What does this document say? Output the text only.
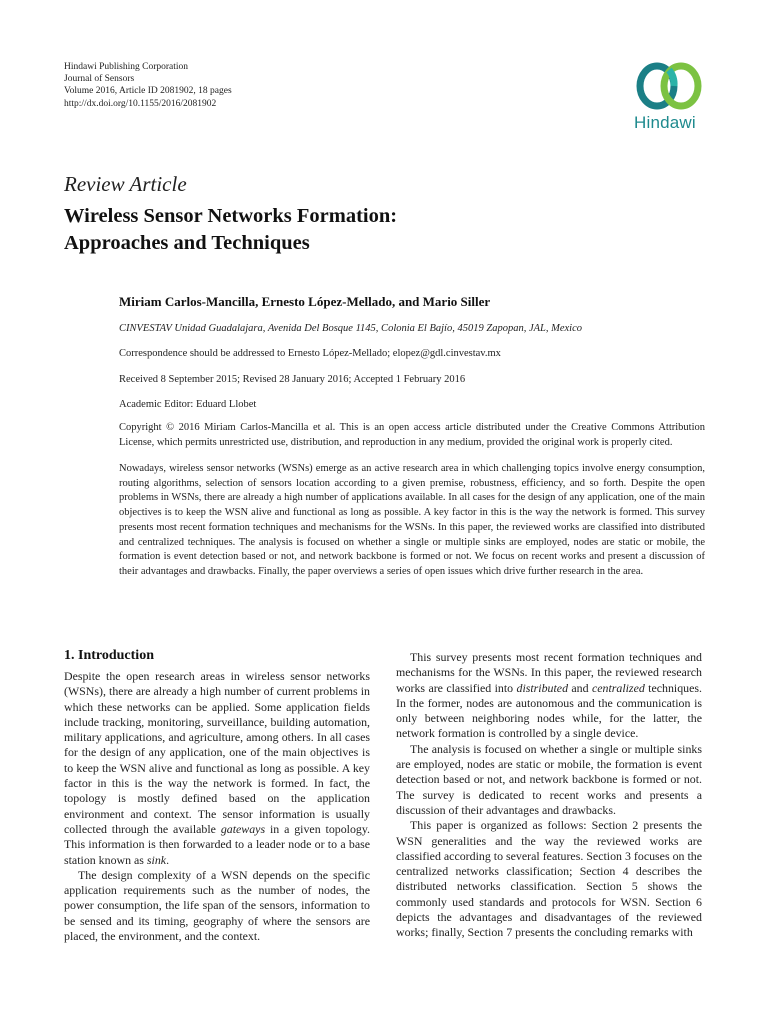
Hindawi Publishing Corporation
Journal of Sensors
Volume 2016, Article ID 2081902, 18 pages
http://dx.doi.org/10.1155/2016/2081902
Hindawi
Review Article
Wireless Sensor Networks Formation:
Approaches and Techniques
Miriam Carlos-Mancilla, Ernesto López-Mellado, and Mario Siller
CINVESTAV Unidad Guadalajara, Avenida Del Bosque 1145, Colonia El Bajío, 45019 Zapopan, JAL, Mexico
Correspondence should be addressed to Ernesto López-Mellado; elopez@gdl.cinvestav.mx
Received 8 September 2015; Revised 28 January 2016; Accepted 1 February 2016
Academic Editor: Eduard Llobet
Copyright © 2016 Miriam Carlos-Mancilla et al. This is an open access article distributed under the Creative Commons Attribution License, which permits unrestricted use, distribution, and reproduction in any medium, provided the original work is properly cited.
Nowadays, wireless sensor networks (WSNs) emerge as an active research area in which challenging topics involve energy consumption, routing algorithms, selection of sensors location according to a given premise, robustness, efficiency, and so forth. Despite the open problems in WSNs, there are already a high number of applications available. In all cases for the design of any application, one of the main objectives is to keep the WSN alive and functional as long as possible. A key factor in this is the way the network is formed. This survey presents most recent formation techniques and mechanisms for the WSNs. In this paper, the reviewed works are classified into distributed and centralized techniques. The analysis is focused on whether a single or multiple sinks are employed, nodes are static or mobile, the formation is event detection based or not, and network backbone is formed or not. We focus on recent works and present a discussion of their advantages and drawbacks. Finally, the paper overviews a series of open issues which drive further research in the area.
1. Introduction

Despite the open research areas in wireless sensor networks (WSNs), there are already a high number of current problems in which these networks can be applied. Some application fields include tracking, monitoring, surveillance, building automation, military applications, and agriculture, among others. In all cases for the design of any application, one of the main objectives is to keep the WSN alive and functional as long as possible. A key factor in this is the way the network is formed. In fact, the topology is mostly defined based on the application environment and context. The sensor information is usually collected through the available gateways in a given topology. This information is then forwarded to a leader node or to a base station known as sink.

The design complexity of a WSN depends on the specific application requirements such as the number of nodes, the power consumption, the life span of the sensors, information to be sensed and its timing, geography of where the sensors are placed, the environment, and the context.

This survey presents most recent formation techniques and mechanisms for the WSNs. In this paper, the reviewed research works are classified into distributed and centralized techniques. In the former, nodes are autonomous and the communication is only between neighboring nodes while, for the latter, the network formation is controlled by a single device.

The analysis is focused on whether a single or multiple sinks are employed, nodes are static or mobile, the formation is event detection based or not, and network backbone is formed or not. The survey is dedicated to recent works and presents a discussion of their advantages and drawbacks.

This paper is organized as follows: Section 2 presents the WSN generalities and the way the reviewed works are classified according to several features. Section 3 focuses on the centralized networks classification; Section 4 describes the distributed networks classification. Section 5 shows the commonly used standards and protocols for WSN. Section 6 depicts the advantages and disadvantages of the reviewed works; finally, Section 7 presents the concluding remarks with
